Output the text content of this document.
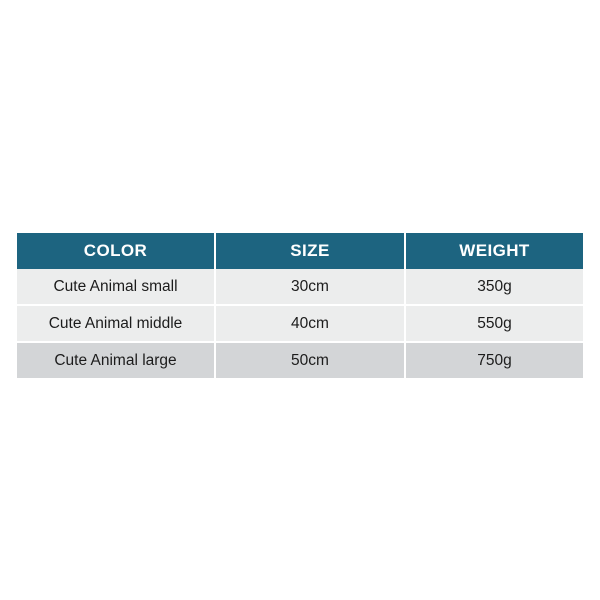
COLOR	SIZE	WEIGHT
Cute Animal small	30cm	350g
Cute Animal middle	40cm	550g
Cute Animal large	50cm	750g
